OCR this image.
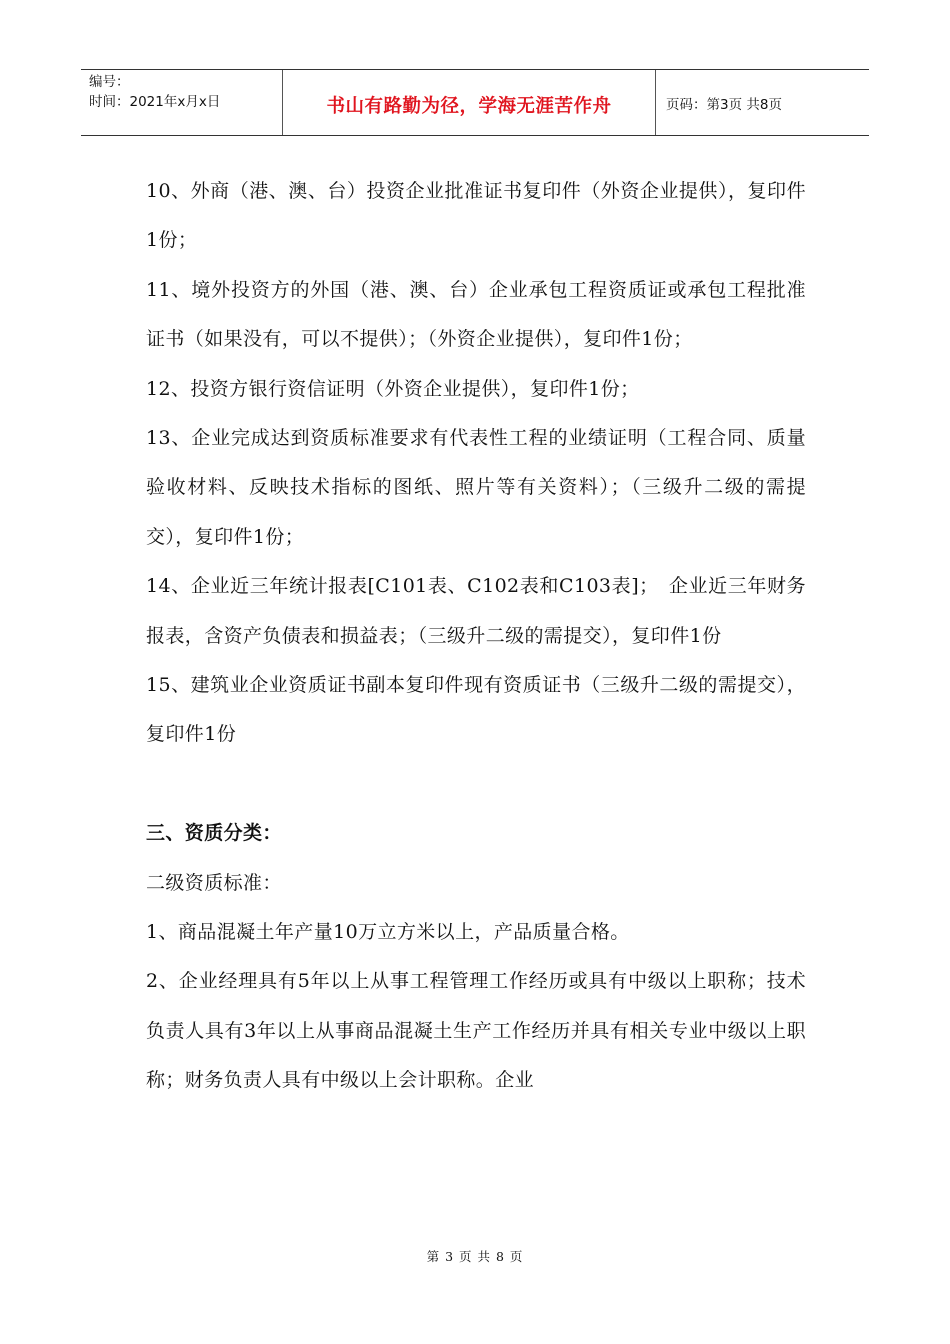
编号：
时间：2021年x月x日	书山有路勤为径，学海无涯苦作舟	页码：第3页 共8页

10、外商（港、澳、台）投资企业批准证书复印件（外资企业提供），复印件1份；

11、境外投资方的外国（港、澳、台）企业承包工程资质证或承包工程批准证书（如果没有，可以不提供）；（外资企业提供），复印件1份；

12、投资方银行资信证明（外资企业提供），复印件1份；

13、企业完成达到资质标准要求有代表性工程的业绩证明（工程合同、质量验收材料、反映技术指标的图纸、照片等有关资料）；（三级升二级的需提交），复印件1份；

14、企业近三年统计报表[C101表、C102表和C103表]；　企业近三年财务报表，含资产负债表和损益表；（三级升二级的需提交），复印件1份

15、建筑业企业资质证书副本复印件现有资质证书（三级升二级的需提交），复印件1份

三、资质分类：

二级资质标准：

1、商品混凝土年产量10万立方米以上，产品质量合格。

2、企业经理具有5年以上从事工程管理工作经历或具有中级以上职称；技术负责人具有3年以上从事商品混凝土生产工作经历并具有相关专业中级以上职称；财务负责人具有中级以上会计职称。企业

第 3 页 共 8 页
